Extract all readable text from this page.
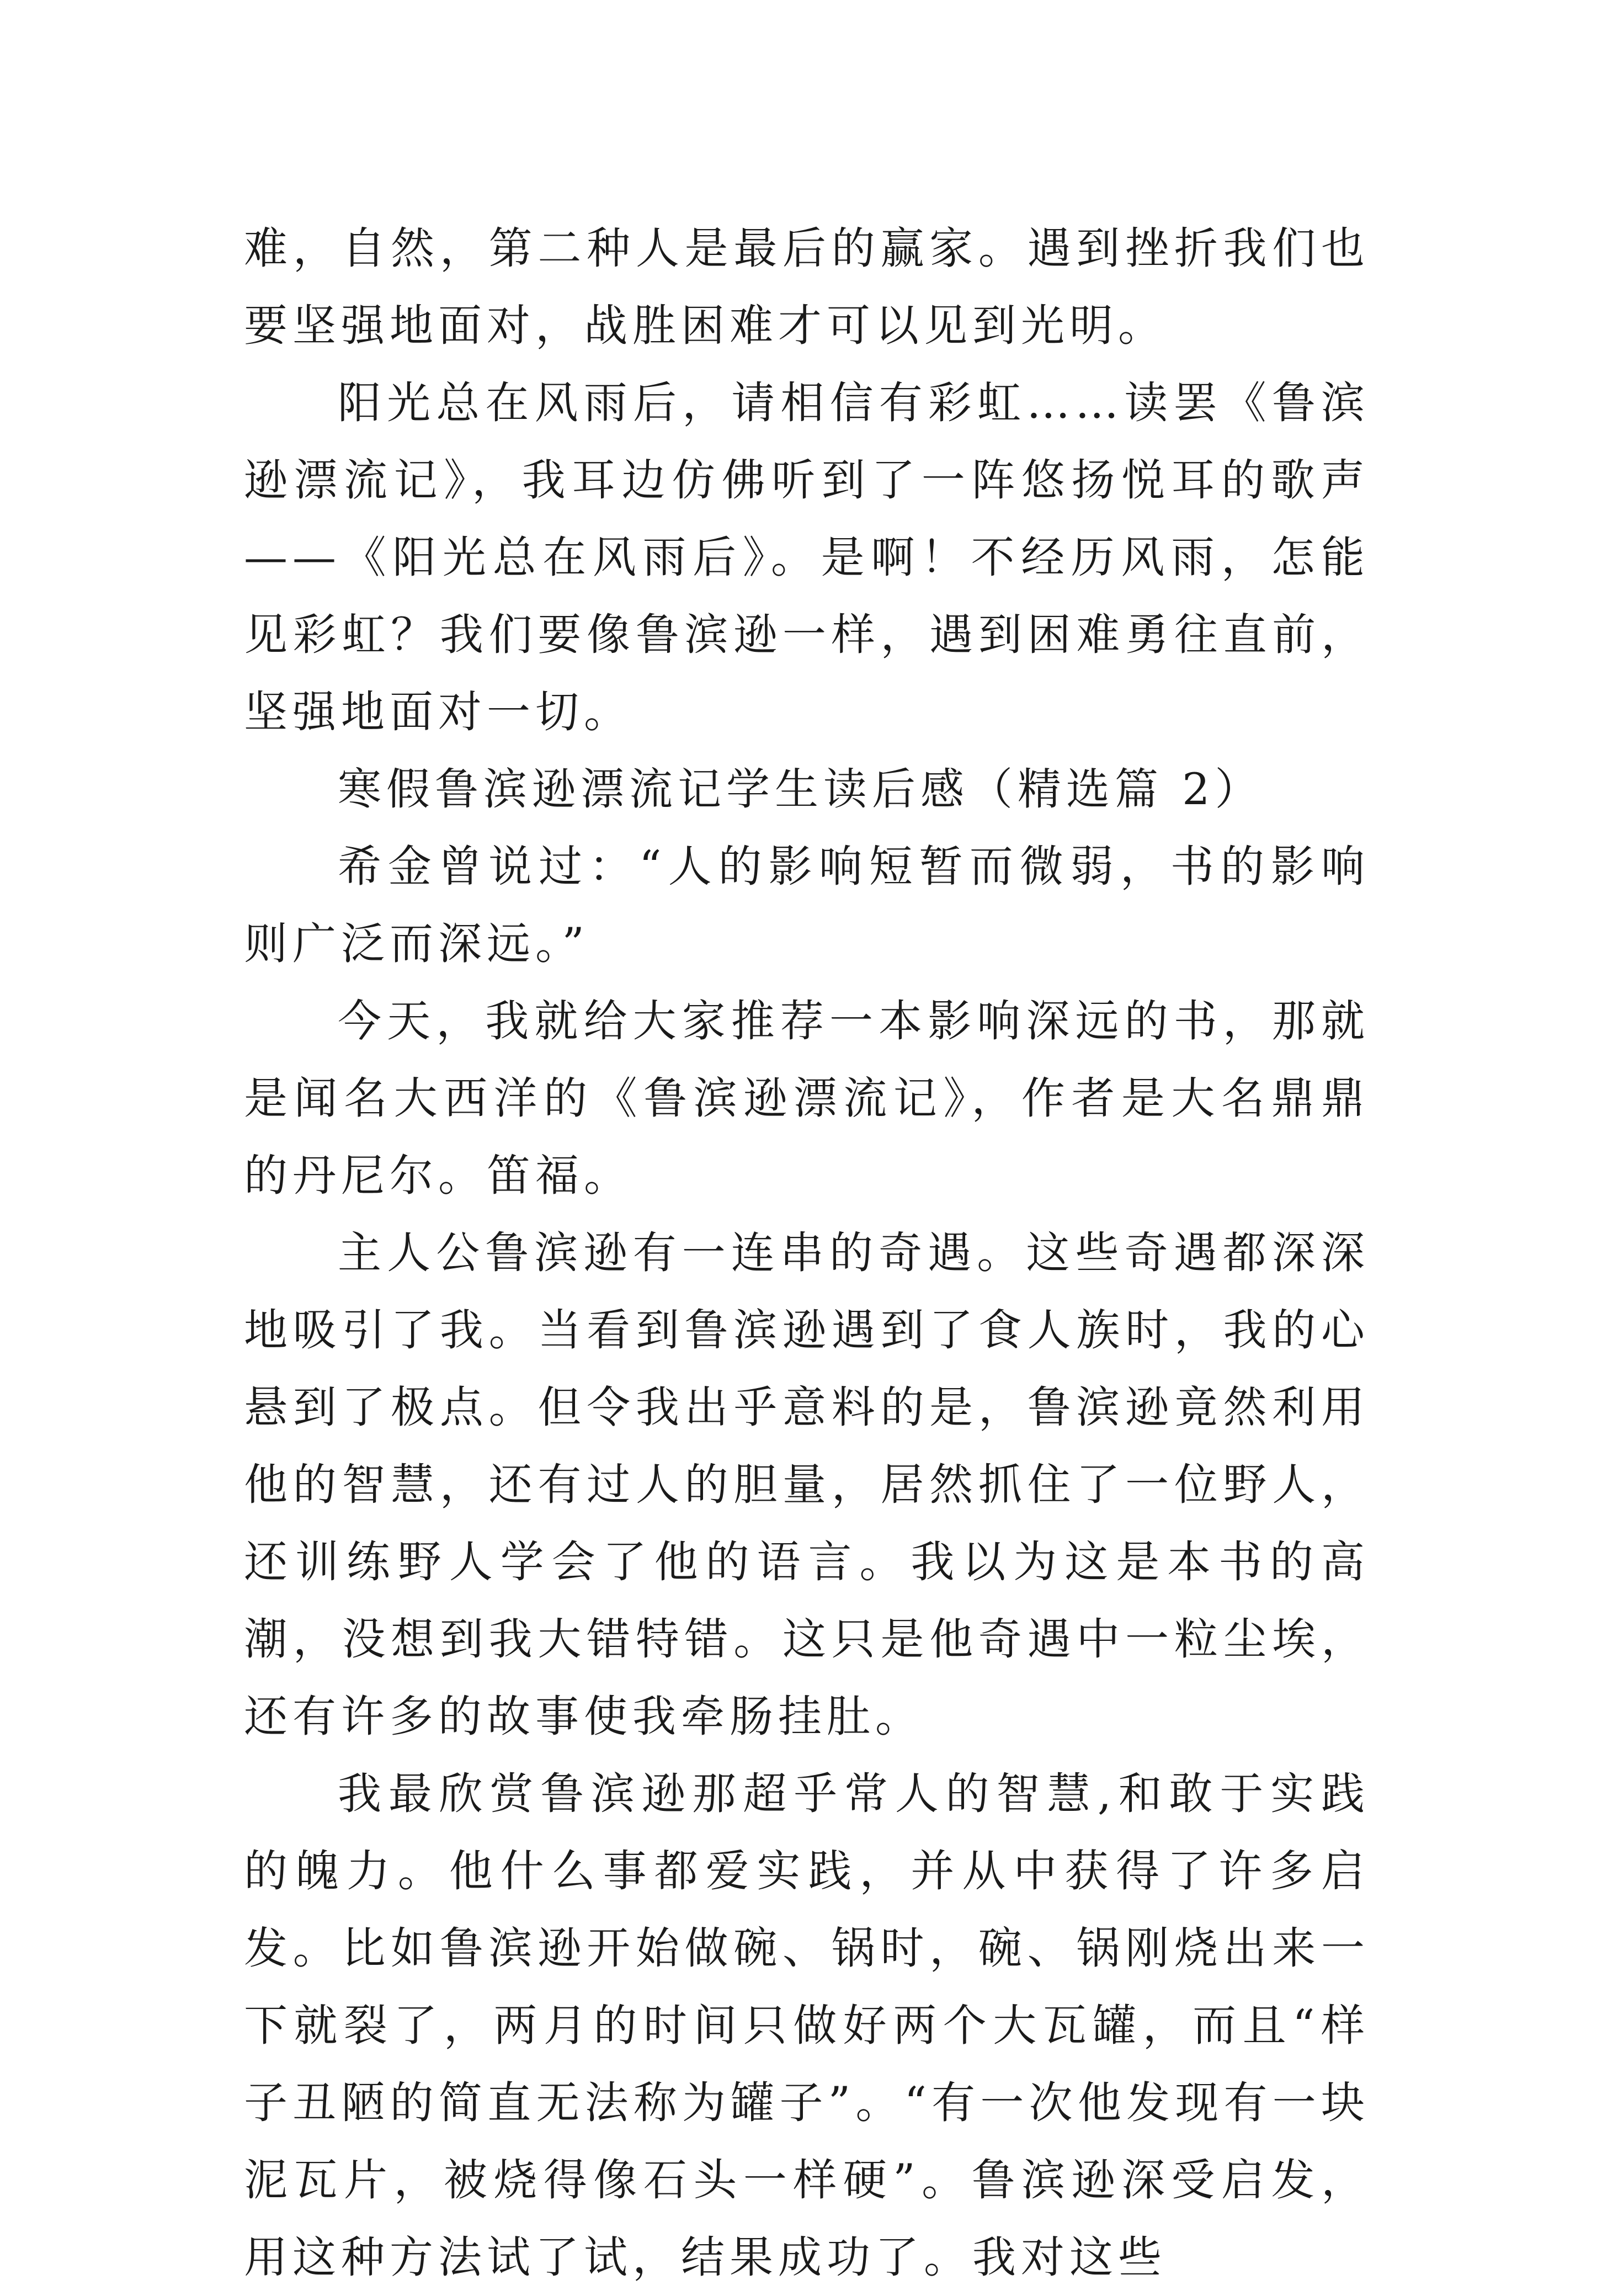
难，自然，第二种人是最后的赢家。遇到挫折我们也要坚强地面对，战胜困难才可以见到光明。

阳光总在风雨后，请相信有彩虹……读罢《鲁滨逊漂流记》，我耳边仿佛听到了一阵悠扬悦耳的歌声——《阳光总在风雨后》。是啊！不经历风雨，怎能见彩虹？我们要像鲁滨逊一样，遇到困难勇往直前，坚强地面对一切。

寒假鲁滨逊漂流记学生读后感（精选篇 2）

希金曾说过：“人的影响短暂而微弱，书的影响则广泛而深远。”

今天，我就给大家推荐一本影响深远的书，那就是闻名大西洋的《鲁滨逊漂流记》，作者是大名鼎鼎的丹尼尔。笛福。

主人公鲁滨逊有一连串的奇遇。这些奇遇都深深地吸引了我。当看到鲁滨逊遇到了食人族时，我的心悬到了极点。但令我出乎意料的是，鲁滨逊竟然利用他的智慧，还有过人的胆量，居然抓住了一位野人，还训练野人学会了他的语言。我以为这是本书的高潮，没想到我大错特错。这只是他奇遇中一粒尘埃，还有许多的故事使我牵肠挂肚。

我最欣赏鲁滨逊那超乎常人的智慧,和敢于实践的魄力。他什么事都爱实践，并从中获得了许多启发。比如鲁滨逊开始做碗、锅时，碗、锅刚烧出来一下就裂了，两月的时间只做好两个大瓦罐，而且“样子丑陋的简直无法称为罐子”。“有一次他发现有一块泥瓦片，被烧得像石头一样硬”。鲁滨逊深受启发，用这种方法试了试，结果成功了。我对这些
